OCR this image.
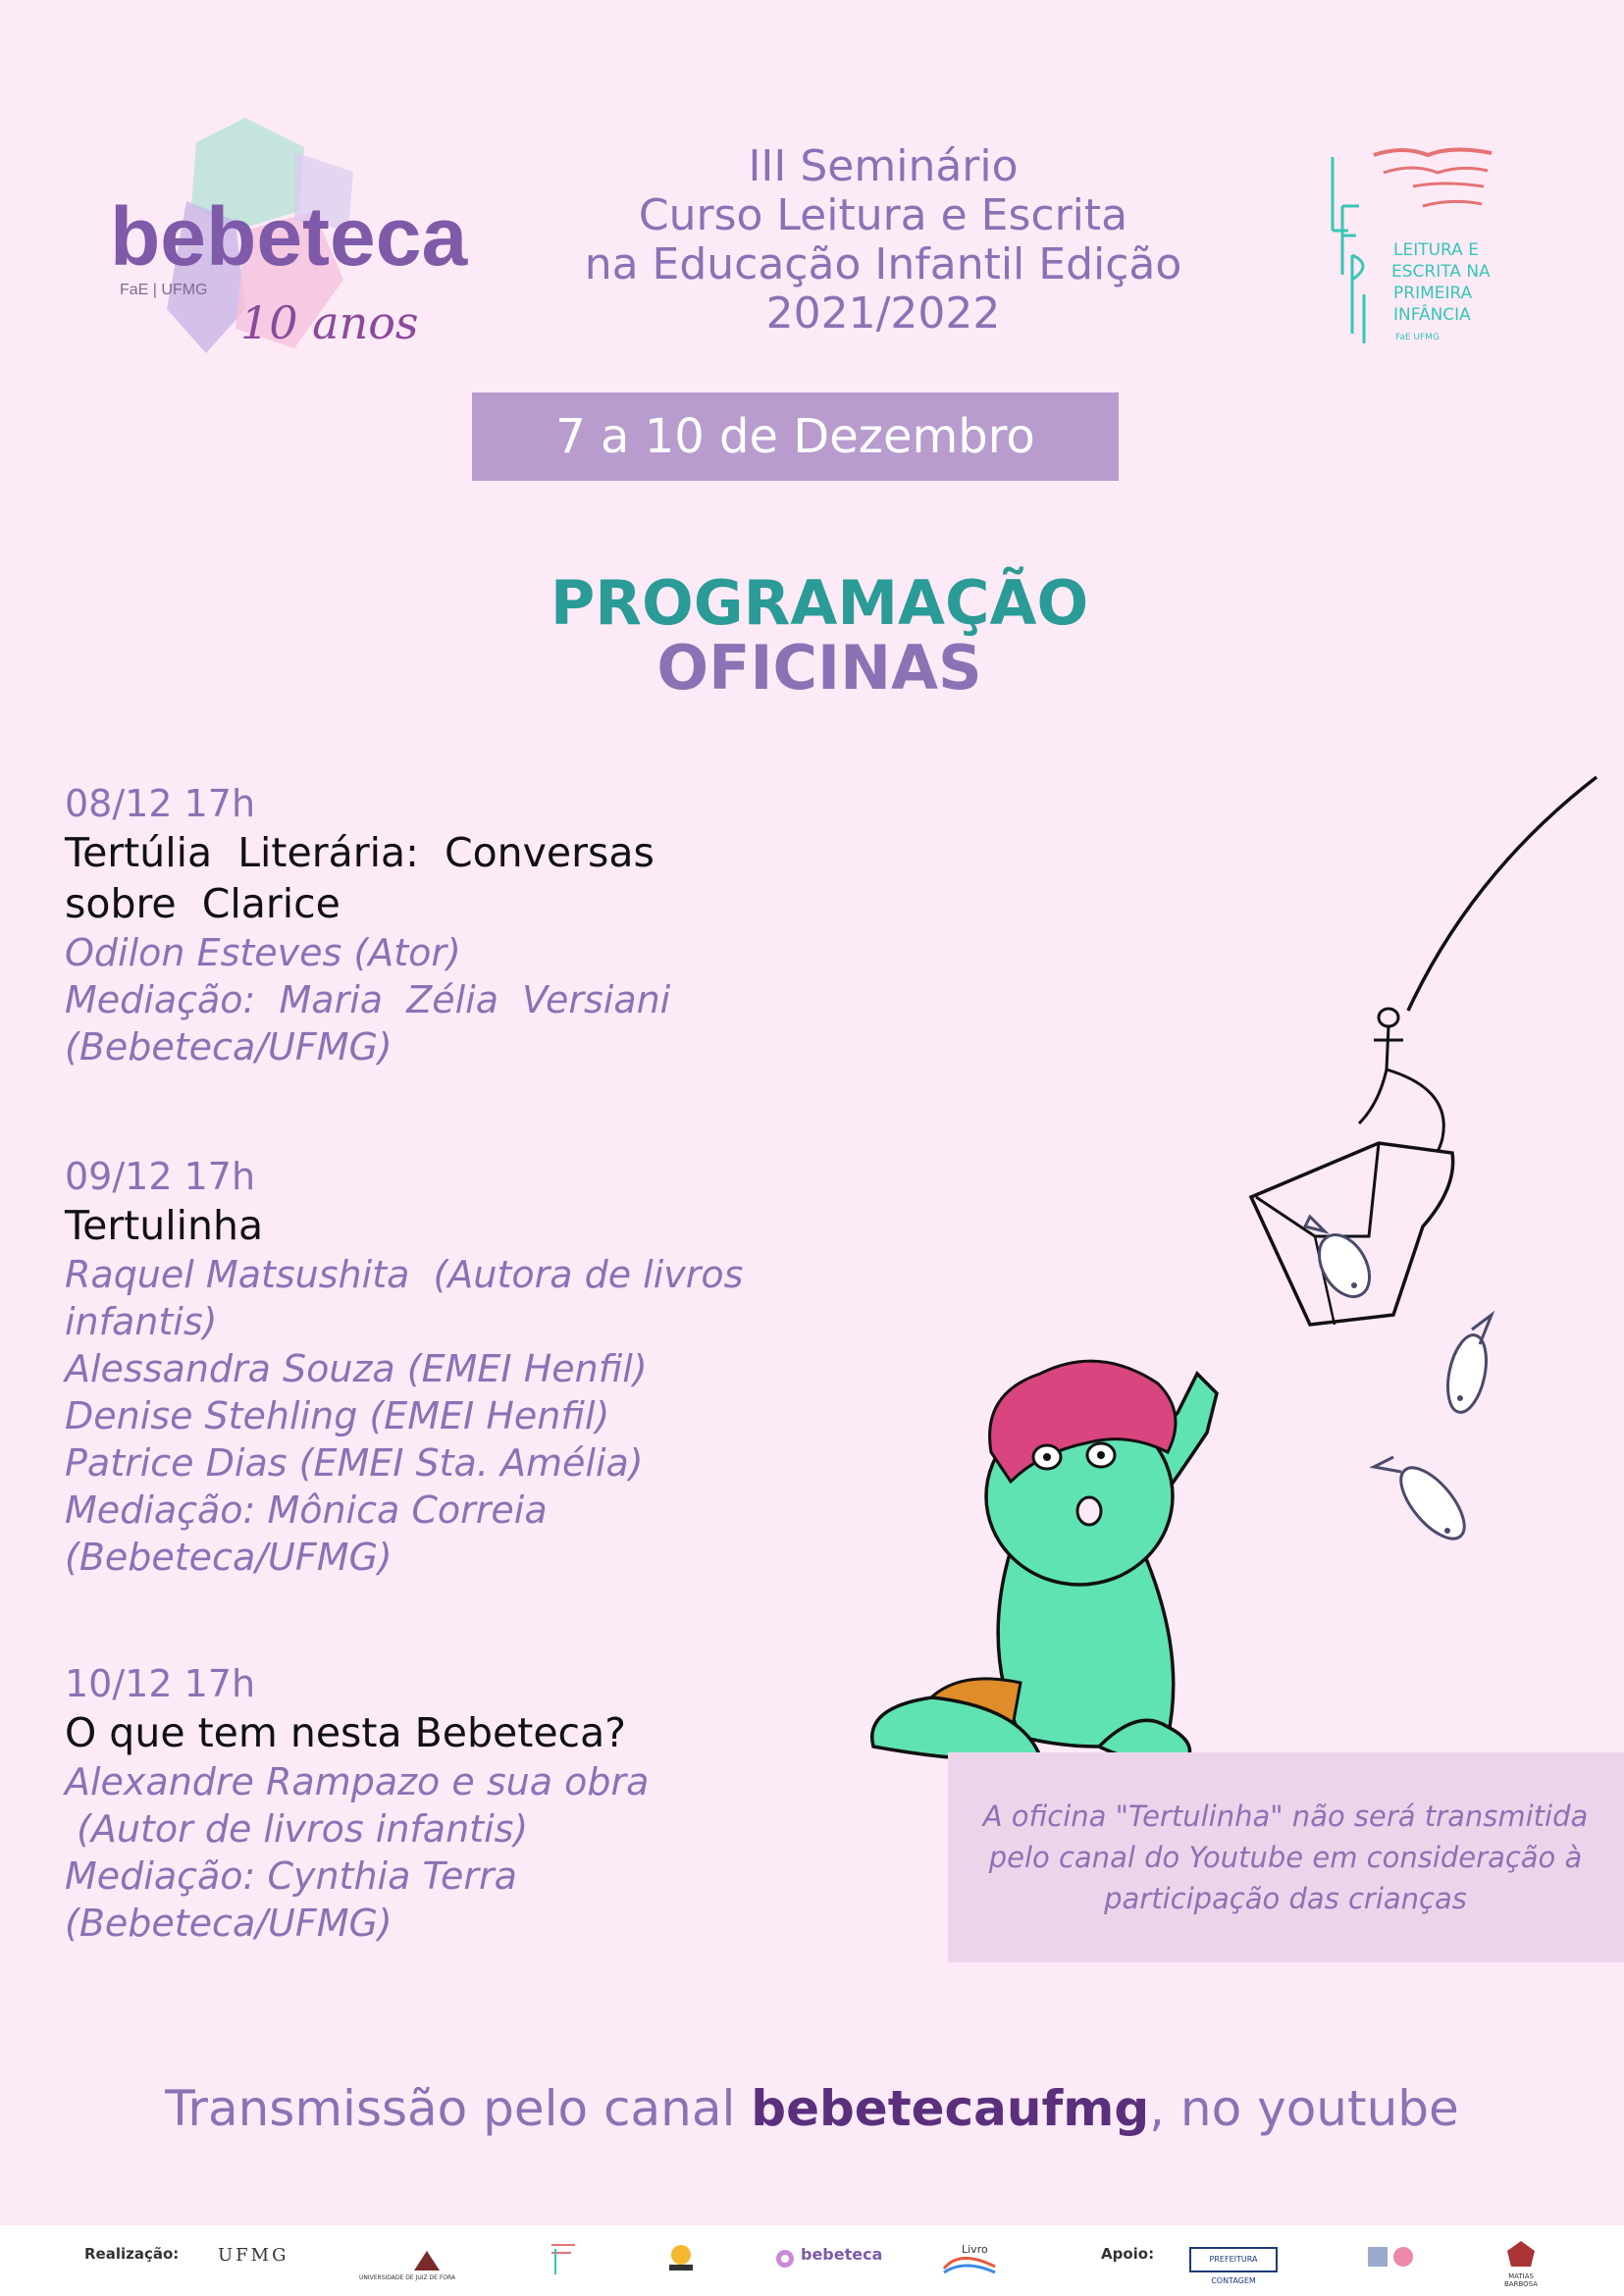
bebeteca
FaE | UFMG
10 anos
III Seminário
Curso Leitura e Escrita
na Educação Infantil Edição
2021/2022
LEITURA E
ESCRITA NA
PRIMEIRA
INFÂNCIA
FaE UFMG
7 a 10 de Dezembro
PROGRAMAÇÃO
OFICINAS
08/12 17h
Tertúlia  Literária:  Conversas
sobre  Clarice
Odilon Esteves (Ator)
Mediação:  Maria  Zélia  Versiani
(Bebeteca/UFMG)
09/12 17h
Tertulinha
Raquel Matsushita  (Autora de livros
infantis)
Alessandra Souza (EMEI Henfil)
Denise Stehling (EMEI Henfil)
Patrice Dias (EMEI Sta. Amélia)
Mediação: Mônica Correia
(Bebeteca/UFMG)
10/12 17h
O que tem nesta Bebeteca?
Alexandre Rampazo e sua obra
(Autor de livros infantis)
Mediação: Cynthia Terra
(Bebeteca/UFMG)
A oficina "Tertulinha" não será transmitida
pelo canal do Youtube em consideração à
participação das crianças
Transmissão pelo canal bebetecaufmg, no youtube
Realização: UFMG
UNIVERSIDADE DE JUIZ DE FORA
bebeteca	Livro	Apoio:	PREFEITURA CONTAGEM	MATIAS BARBOSA
